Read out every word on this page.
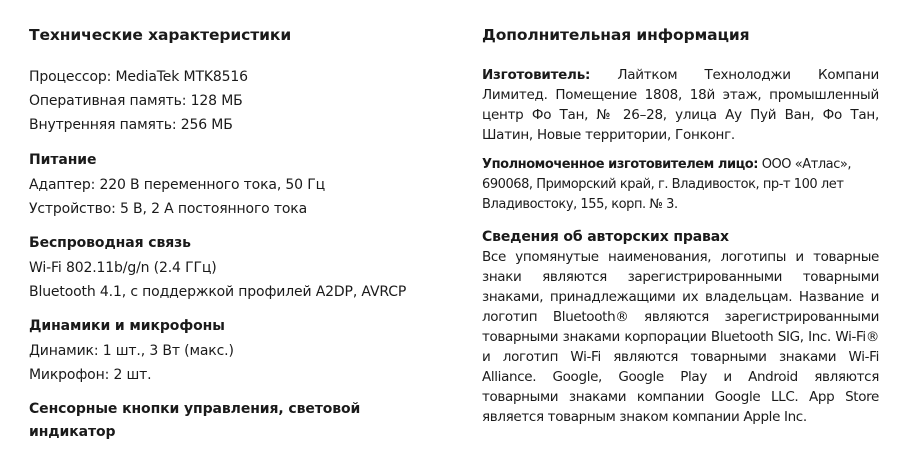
Технические характеристики
Процессор: MediaTek MTK8516
Оперативная память: 128 МБ
Внутренняя память: 256 МБ
Питание
Адаптер: 220 В переменного тока, 50 Гц
Устройство: 5 В, 2 А постоянного тока
Беспроводная связь
Wi-Fi 802.11b/g/n (2.4 ГГц)
Bluetooth 4.1, с поддержкой профилей A2DP, AVRCP
Динамики и микрофоны
Динамик: 1 шт., 3 Вт (макс.)
Микрофон: 2 шт.
Сенсорные кнопки управления, световой индикатор
Дополнительная информация

Изготовитель: Лайтком Технолоджи Компани Лимитед. Помещение 1808, 18й этаж, промышленный центр Фо Тан, № 26–28, улица Ау Пуй Ван, Фо Тан, Шатин, Новые территории, Гонконг.

Уполномоченное изготовителем лицо: ООО «Атлас», 690068, Приморский край, г. Владивосток, пр-т 100 лет Владивостоку, 155, корп. № 3.

Сведения об авторских правах

Все упомянутые наименования, логотипы и товарные знаки являются зарегистрированными товарными знаками, принадлежащими их владельцам. Название и логотип Bluetooth® являются зарегистрированными товарными знаками корпорации Bluetooth SIG, Inc. Wi-Fi® и логотип Wi-Fi являются товарными знаками Wi-Fi Alliance. Google, Google Play и Android являются товарными знаками компании Google LLC. App Store является товарным знаком компании Apple Inc.
